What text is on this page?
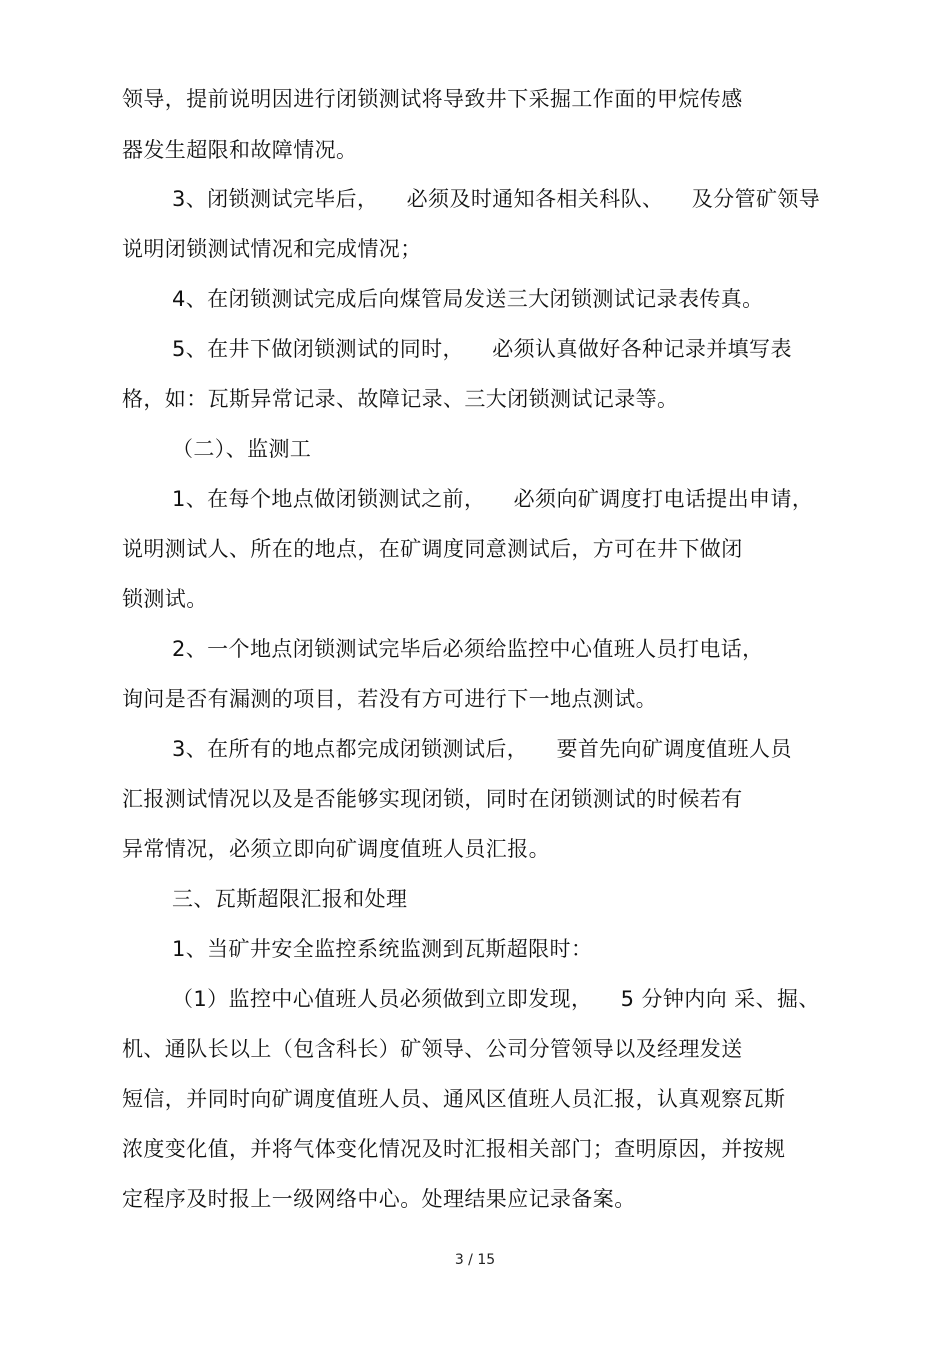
领导，提前说明因进行闭锁测试将导致井下采掘工作面的甲烷传感
器发生超限和故障情况。
3、闭锁测试完毕后，    必须及时通知各相关科队、    及分管矿领导
说明闭锁测试情况和完成情况；
4、在闭锁测试完成后向煤管局发送三大闭锁测试记录表传真。
5、在井下做闭锁测试的同时，    必须认真做好各种记录并填写表
格，如：瓦斯异常记录、故障记录、三大闭锁测试记录等。
（二）、监测工
1、在每个地点做闭锁测试之前，    必须向矿调度打电话提出申请，
说明测试人、所在的地点，在矿调度同意测试后，方可在井下做闭
锁测试。
2、一个地点闭锁测试完毕后必须给监控中心值班人员打电话，
询问是否有漏测的项目，若没有方可进行下一地点测试。
3、在所有的地点都完成闭锁测试后，    要首先向矿调度值班人员
汇报测试情况以及是否能够实现闭锁，同时在闭锁测试的时候若有
异常情况，必须立即向矿调度值班人员汇报。
三、瓦斯超限汇报和处理
1、当矿井安全监控系统监测到瓦斯超限时：
（1）监控中心值班人员必须做到立即发现，    5 分钟内向 采、掘、
机、通队长以上（包含科长）矿领导、公司分管领导以及经理发送
短信，并同时向矿调度值班人员、通风区值班人员汇报，认真观察瓦斯
浓度变化值，并将气体变化情况及时汇报相关部门；查明原因，并按规
定程序及时报上一级网络中心。处理结果应记录备案。
3 / 15
